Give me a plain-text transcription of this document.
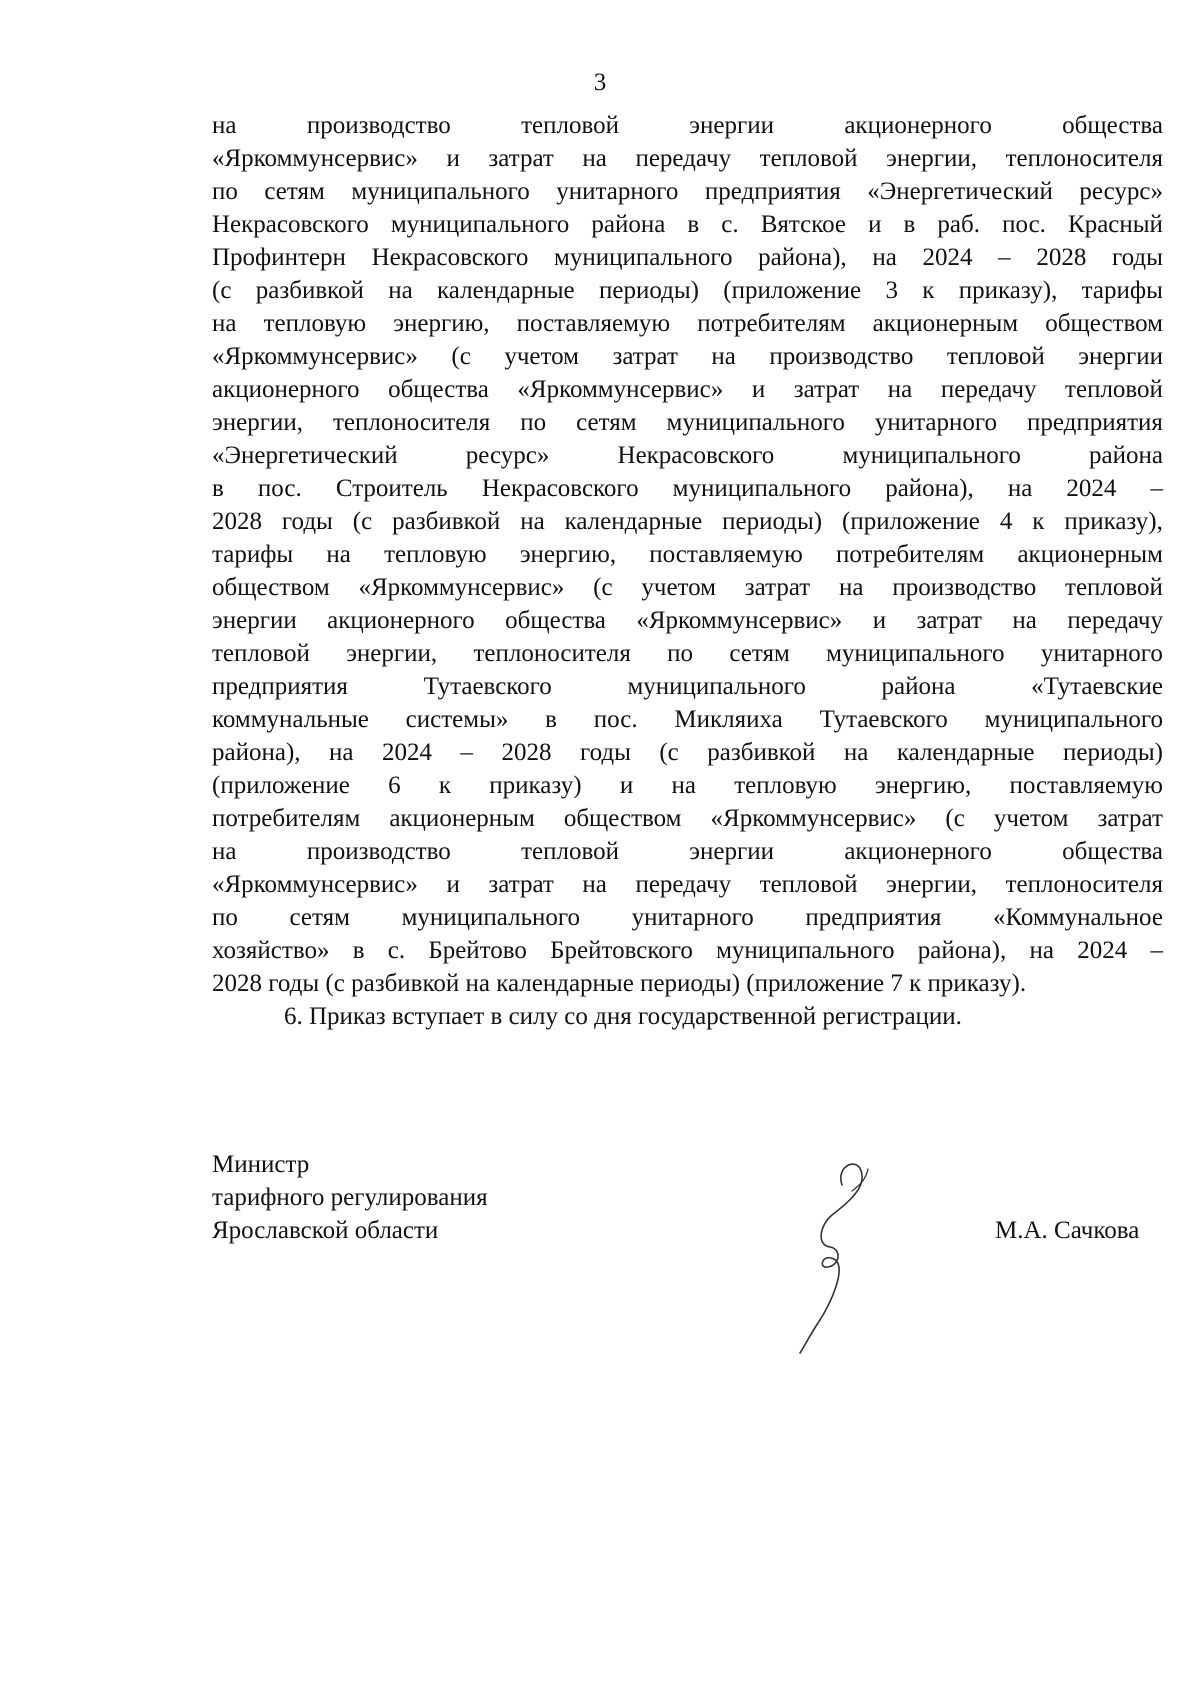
3
на	производство	тепловой	энергии	акционерного	общества
«Яркоммунсервис» и затрат на передачу тепловой энергии, теплоносителя
по сетям муниципального унитарного предприятия «Энергетический ресурс»
Некрасовского муниципального района в с. Вятское и в раб. пос. Красный
Профинтерн Некрасовского муниципального района), на 2024 – 2028 годы
(с разбивкой на календарные периоды) (приложение 3 к приказу), тарифы
на тепловую энергию, поставляемую потребителям акционерным обществом
«Яркоммунсервис» (с учетом затрат на производство тепловой энергии
акционерного общества «Яркоммунсервис» и затрат на передачу тепловой
энергии, теплоносителя по сетям муниципального унитарного предприятия
«Энергетический	ресурс»	Некрасовского	муниципального	района
в пос. Строитель Некрасовского муниципального района), на 2024 –
2028 годы (с разбивкой на календарные периоды) (приложение 4 к приказу),
тарифы на тепловую энергию, поставляемую потребителям акционерным
обществом «Яркоммунсервис» (с учетом затрат на производство тепловой
энергии акционерного общества «Яркоммунсервис» и затрат на передачу
тепловой энергии, теплоносителя по сетям муниципального унитарного
предприятия	Тутаевского	муниципального	района	«Тутаевские
коммунальные системы» в пос. Микляиха Тутаевского муниципального
района), на 2024 – 2028 годы (с разбивкой на календарные периоды)
(приложение 6 к приказу) и на тепловую энергию, поставляемую
потребителям акционерным обществом «Яркоммунсервис» (с учетом затрат
на	производство	тепловой	энергии	акционерного	общества
«Яркоммунсервис» и затрат на передачу тепловой энергии, теплоносителя
по сетям муниципального унитарного предприятия «Коммунальное
хозяйство» в с. Брейтово Брейтовского муниципального района), на 2024 –
2028 годы (с разбивкой на календарные периоды) (приложение 7 к приказу).
6. Приказ вступает в силу со дня государственной регистрации.
Министр
тарифного регулирования
Ярославской области	М.А. Сачкова
